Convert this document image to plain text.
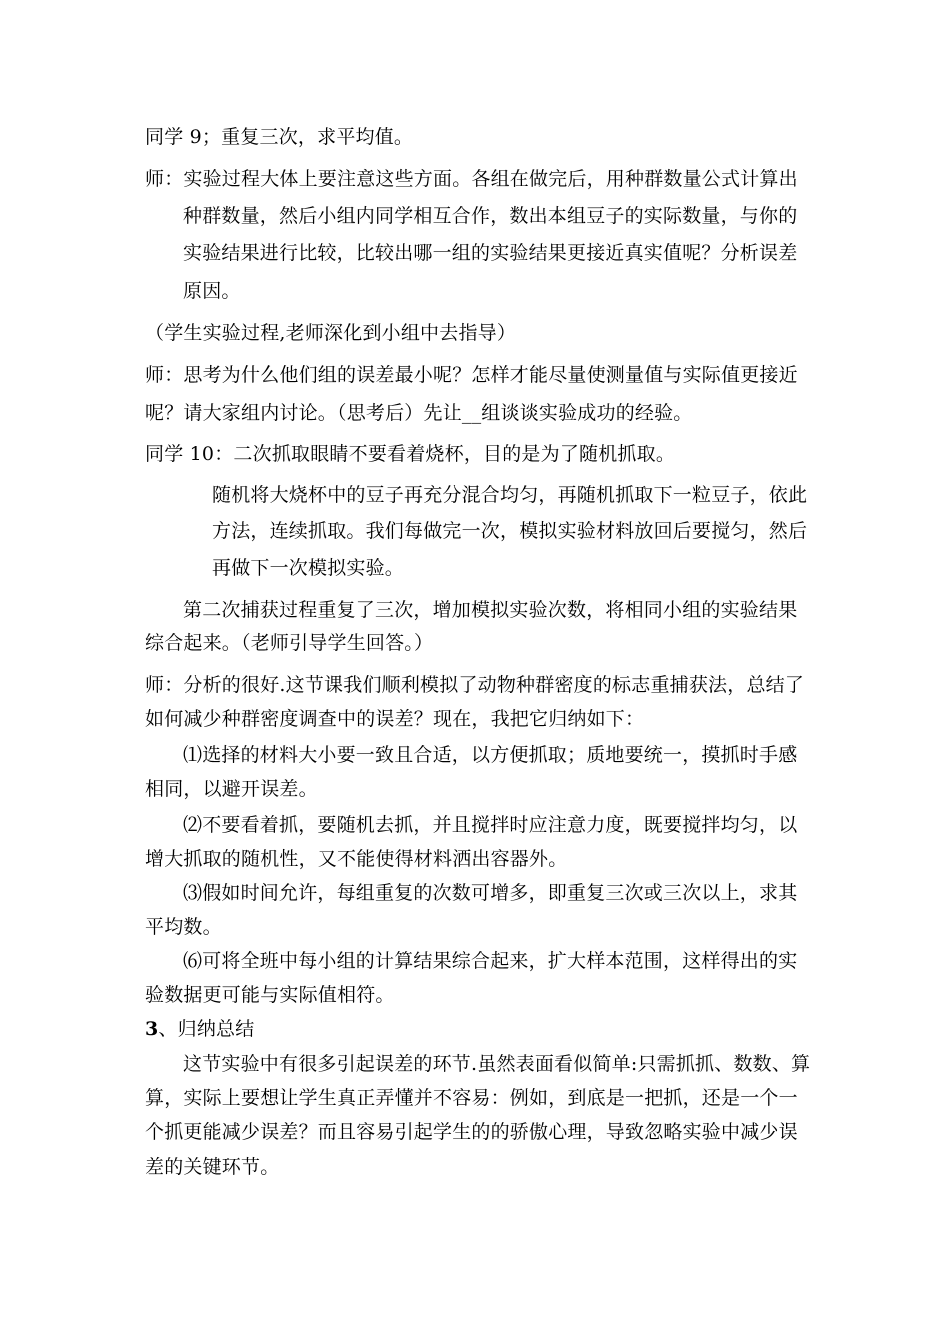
同学 9；重复三次，求平均值。
师：实验过程大体上要注意这些方面。各组在做完后，用种群数量公式计算出
种群数量，然后小组内同学相互合作，数出本组豆子的实际数量，与你的
实验结果进行比较，比较出哪一组的实验结果更接近真实值呢？分析误差
原因。
（学生实验过程,老师深化到小组中去指导）
师：思考为什么他们组的误差最小呢？怎样才能尽量使测量值与实际值更接近
呢？请大家组内讨论。（思考后）先让__组谈谈实验成功的经验。
同学 10：二次抓取眼睛不要看着烧杯，目的是为了随机抓取。
随机将大烧杯中的豆子再充分混合均匀，再随机抓取下一粒豆子，依此
方法，连续抓取。我们每做完一次，模拟实验材料放回后要搅匀，然后
再做下一次模拟实验。
第二次捕获过程重复了三次，增加模拟实验次数，将相同小组的实验结果
综合起来。（老师引导学生回答。）
师：分析的很好.这节课我们顺利模拟了动物种群密度的标志重捕获法，总结了
如何减少种群密度调查中的误差？现在，我把它归纳如下：
⑴选择的材料大小要一致且合适，以方便抓取；质地要统一，摸抓时手感
相同，以避开误差。
⑵不要看着抓，要随机去抓，并且搅拌时应注意力度，既要搅拌均匀，以
增大抓取的随机性，又不能使得材料洒出容器外。
⑶假如时间允许，每组重复的次数可增多，即重复三次或三次以上，求其
平均数。
⑹可将全班中每小组的计算结果综合起来，扩大样本范围，这样得出的实
验数据更可能与实际值相符。
3、归纳总结
这节实验中有很多引起误差的环节.虽然表面看似简单:只需抓抓、数数、算
算，实际上要想让学生真正弄懂并不容易：例如，到底是一把抓，还是一个一
个抓更能减少误差？而且容易引起学生的的骄傲心理，导致忽略实验中减少误
差的关键环节。
